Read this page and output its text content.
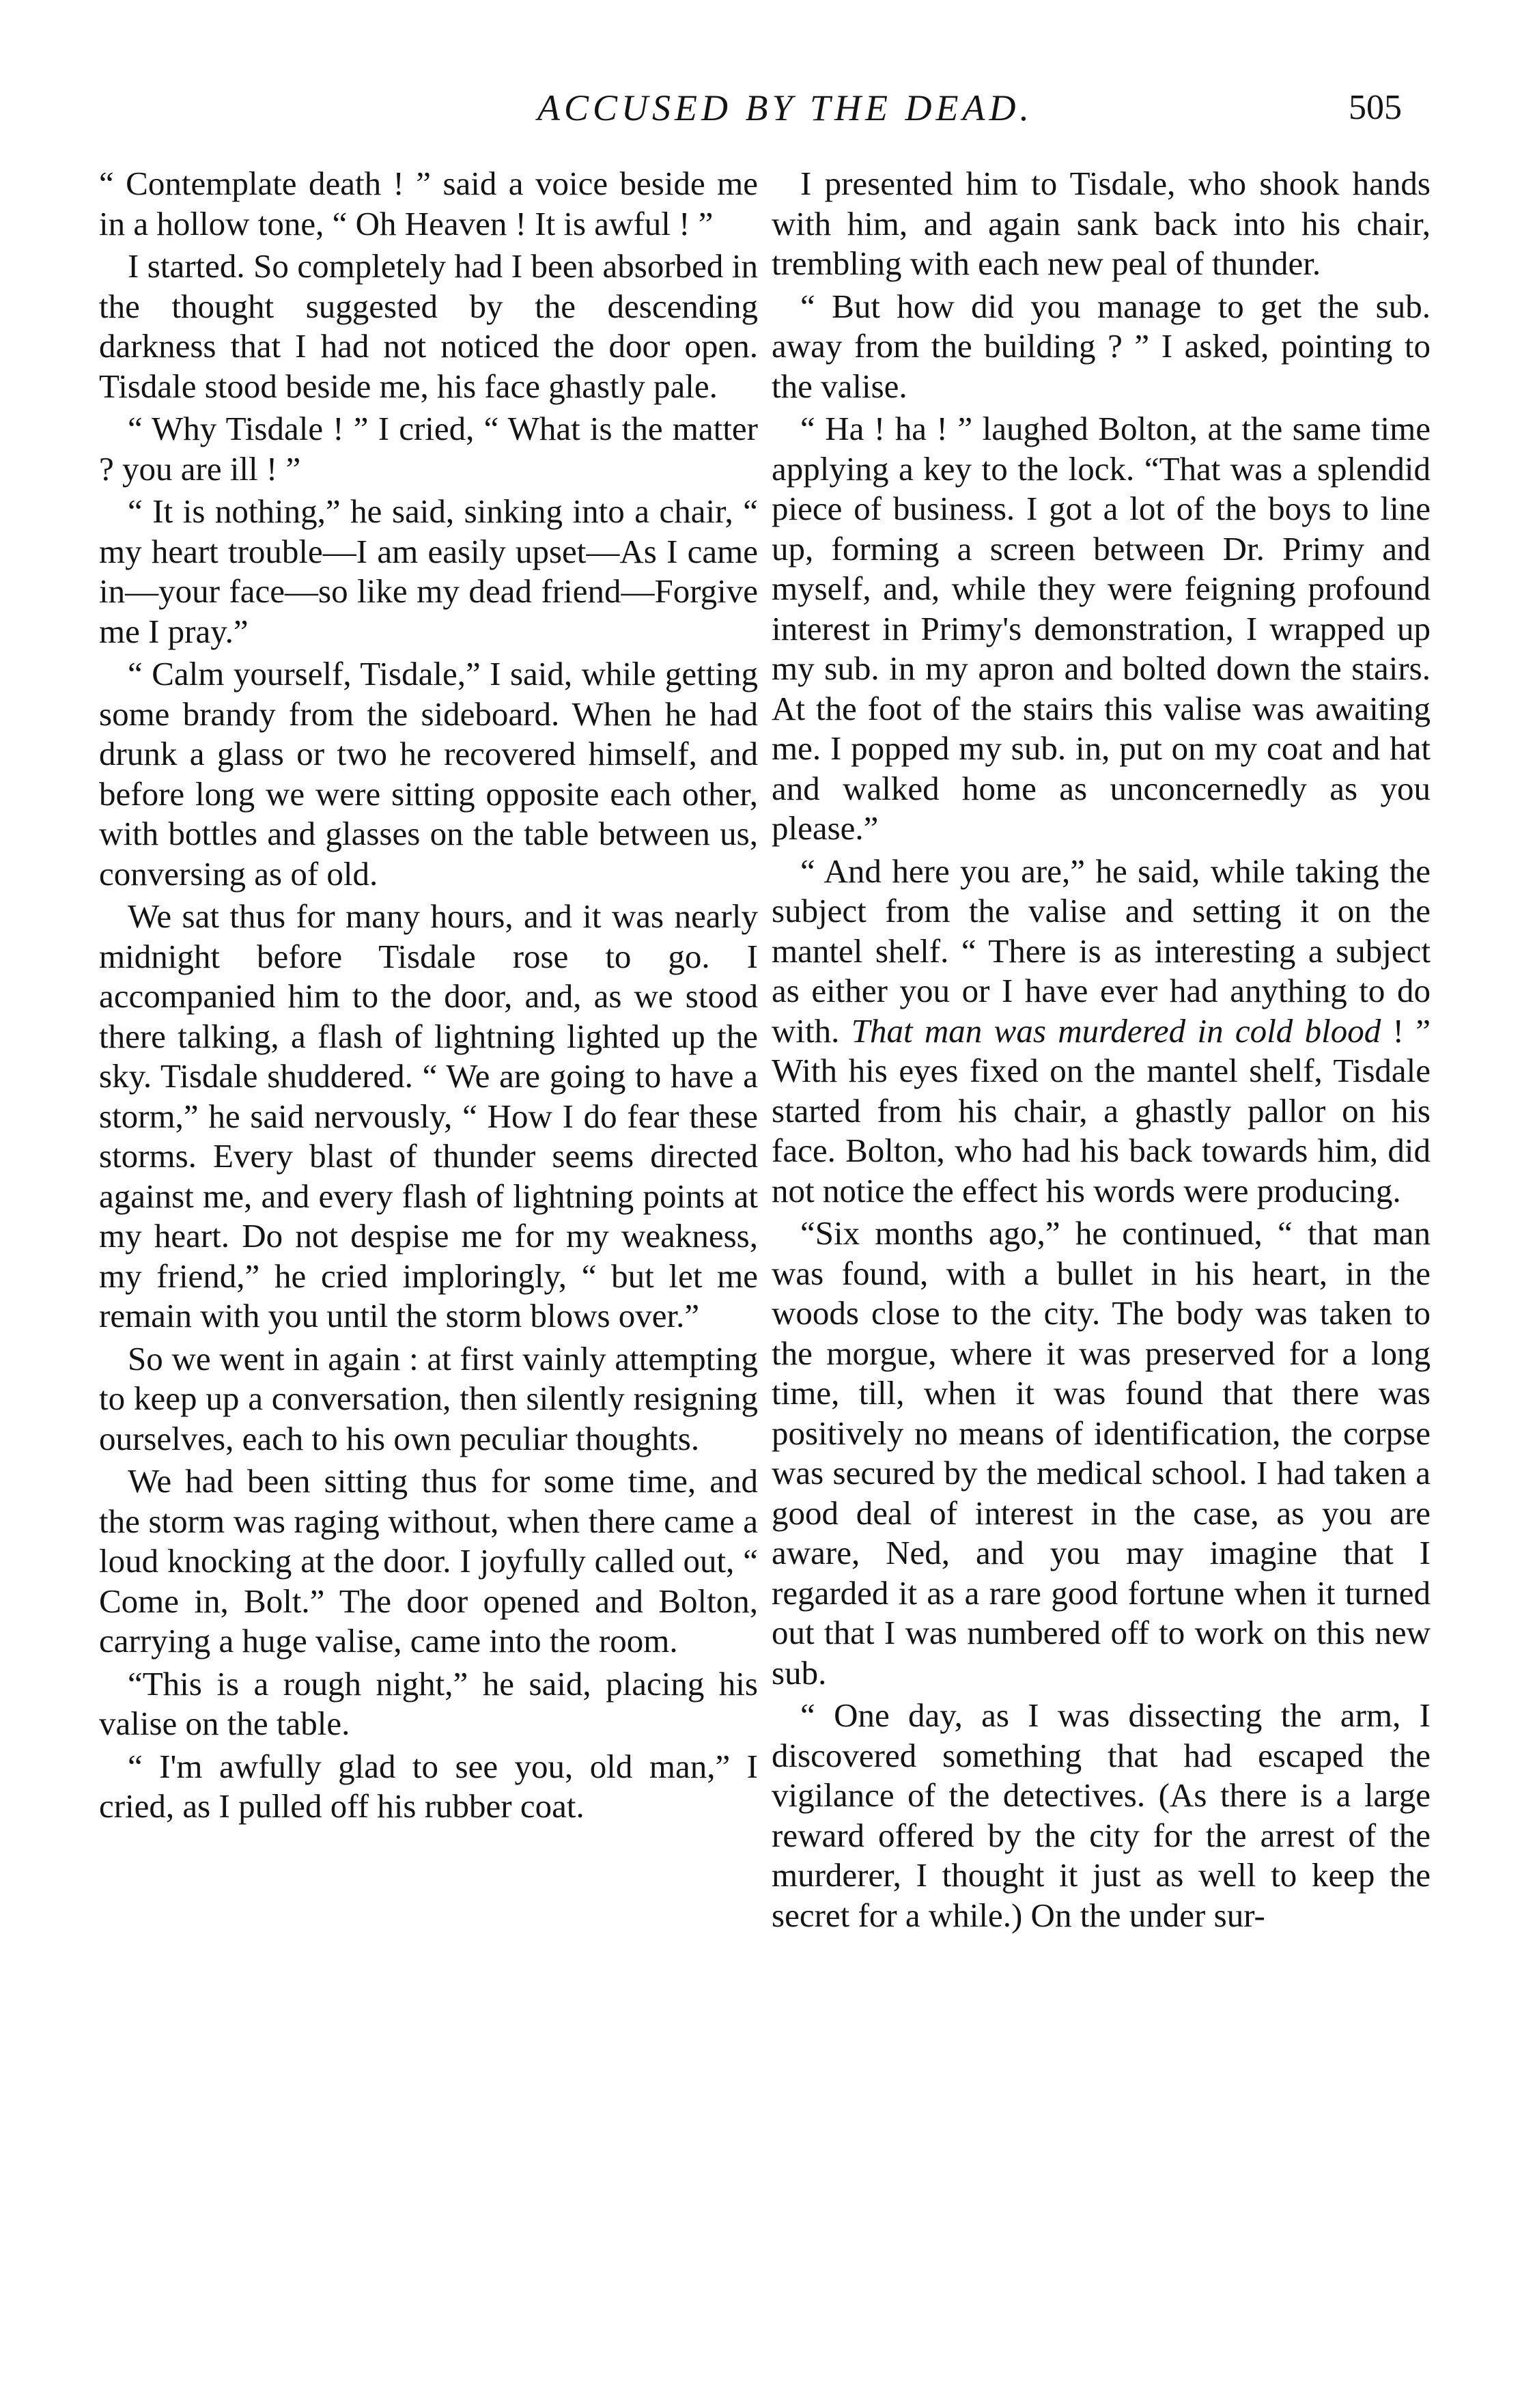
ACCUSED BY THE DEAD.	505

“ Contemplate death ! ” said a voice beside me in a hollow tone, “ Oh Heaven ! It is awful ! ”

I started. So completely had I been absorbed in the thought suggested by the descending darkness that I had not noticed the door open. Tisdale stood beside me, his face ghastly pale.

“ Why Tisdale ! ” I cried, “ What is the matter ? you are ill ! ”

“ It is nothing,” he said, sinking into a chair, “ my heart trouble—I am easily upset—As I came in—your face—so like my dead friend—Forgive me I pray.”

“ Calm yourself, Tisdale,” I said, while getting some brandy from the sideboard. When he had drunk a glass or two he recovered himself, and before long we were sitting opposite each other, with bottles and glasses on the table between us, conversing as of old.

We sat thus for many hours, and it was nearly midnight before Tisdale rose to go. I accompanied him to the door, and, as we stood there talking, a flash of lightning lighted up the sky. Tisdale shuddered. “ We are going to have a storm,” he said nervously, “ How I do fear these storms. Every blast of thunder seems directed against me, and every flash of lightning points at my heart. Do not despise me for my weakness, my friend,” he cried imploringly, “ but let me remain with you until the storm blows over.”

So we went in again : at first vainly attempting to keep up a conversation, then silently resigning ourselves, each to his own peculiar thoughts.

We had been sitting thus for some time, and the storm was raging without, when there came a loud knocking at the door. I joyfully called out, “ Come in, Bolt.” The door opened and Bolton, carrying a huge valise, came into the room.

“This is a rough night,” he said, placing his valise on the table.

“ I'm awfully glad to see you, old man,” I cried, as I pulled off his rubber coat.

I presented him to Tisdale, who shook hands with him, and again sank back into his chair, trembling with each new peal of thunder.

“ But how did you manage to get the sub. away from the building ? ” I asked, pointing to the valise.

“ Ha ! ha ! ” laughed Bolton, at the same time applying a key to the lock. “That was a splendid piece of business. I got a lot of the boys to line up, forming a screen between Dr. Primy and myself, and, while they were feigning profound interest in Primy's demonstration, I wrapped up my sub. in my apron and bolted down the stairs. At the foot of the stairs this valise was awaiting me. I popped my sub. in, put on my coat and hat and walked home as unconcernedly as you please.”

“ And here you are,” he said, while taking the subject from the valise and setting it on the mantel shelf. “ There is as interesting a subject as either you or I have ever had anything to do with. That man was murdered in cold blood ! ” With his eyes fixed on the mantel shelf, Tisdale started from his chair, a ghastly pallor on his face. Bolton, who had his back towards him, did not notice the effect his words were producing.

“Six months ago,” he continued, “ that man was found, with a bullet in his heart, in the woods close to the city. The body was taken to the morgue, where it was preserved for a long time, till, when it was found that there was positively no means of identification, the corpse was secured by the medical school. I had taken a good deal of interest in the case, as you are aware, Ned, and you may imagine that I regarded it as a rare good fortune when it turned out that I was numbered off to work on this new sub.

“ One day, as I was dissecting the arm, I discovered something that had escaped the vigilance of the detectives. (As there is a large reward offered by the city for the arrest of the murderer, I thought it just as well to keep the secret for a while.) On the under sur-
